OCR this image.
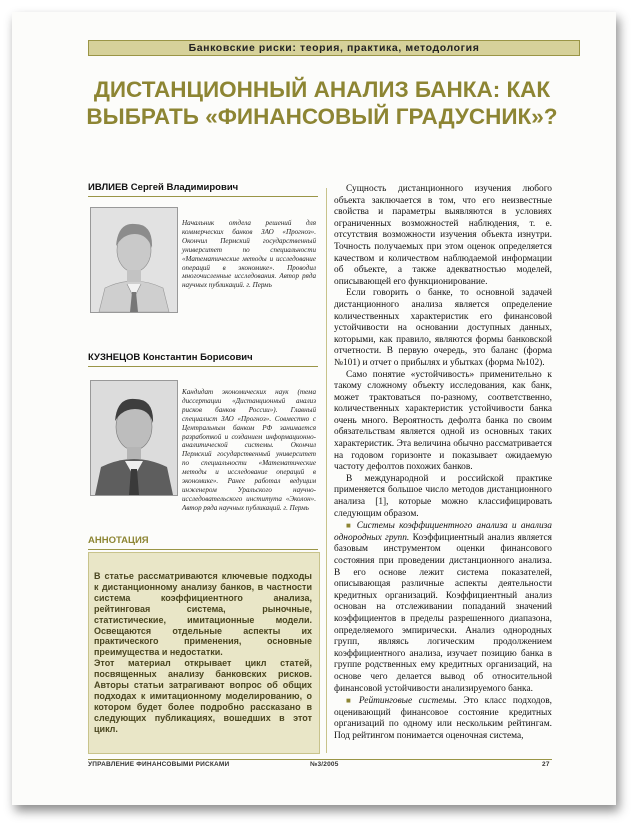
Банковские риски: теория, практика, методология
ДИСТАНЦИОННЫЙ АНАЛИЗ БАНКА: КАК ВЫБРАТЬ «ФИНАНСОВЫЙ ГРАДУСНИК»?
ИВЛИЕВ Сергей Владимирович
Начальник отдела решений для коммерческих банков ЗАО «Прогноз». Окончил Пермский государственный университет по специальности «Математические методы и исследование операций в экономике». Проводил многочисленные исследования. Автор ряда научных публикаций. г. Пермь
КУЗНЕЦОВ Константин Борисович
Кандидат экономических наук (тема диссертации «Дистанционный анализ рисков банков России»). Главный специалист ЗАО «Прогноз». Совместно с Центральным банком РФ занимается разработкой и созданием информационно-аналитической системы. Окончил Пермский государственный университет по специальности «Математические методы и исследование операций в экономике». Ранее работал ведущим инженером Уральского научно-исследовательского института «Эколон». Автор ряда научных публикаций. г. Пермь
АННОТАЦИЯ

В статье рассматриваются ключевые подходы к дистанционному анализу банков, в частности система коэффициентного анализа, рейтинговая система, рыночные, статистические, имитационные модели. Освещаются отдельные аспекты их практического применения, основные преимущества и недостатки.

Этот материал открывает цикл статей, посвященных анализу банковских рисков. Авторы статьи затрагивают вопрос об общих подходах к имитационному моделированию, о котором будет более подробно рассказано в следующих публикациях, вошедших в этот цикл.

Сущность дистанционного изучения любого объекта заключается в том, что его неизвестные свойства и параметры выявляются в условиях ограниченных возможностей наблюдения, т. е. отсутствия возможности изучения объекта изнутри. Точность получаемых при этом оценок определяется качеством и количеством наблюдаемой информации об объекте, а также адекватностью моделей, описывающей его функционирование.

Если говорить о банке, то основной задачей дистанционного анализа является определение количественных характеристик его финансовой устойчивости на основании доступных данных, которыми, как правило, являются формы банковской отчетности. В первую очередь, это баланс (форма №101) и отчет о прибылях и убытках (форма №102).

Само понятие «устойчивость» применительно к такому сложному объекту исследования, как банк, может трактоваться по-разному, соответственно, количественных характеристик устойчивости банка очень много. Вероятность дефолта банка по своим обязательствам является одной из основных таких характеристик. Эта величина обычно рассматривается на годовом горизонте и показывает ожидаемую частоту дефолтов похожих банков.

В международной и российской практике применяется большое число методов дистанционного анализа [1], которые можно классифицировать следующим образом.

■ Системы коэффициентного анализа и анализа однородных групп. Коэффициентный анализ является базовым инструментом оценки финансового состояния при проведении дистанционного анализа. В его основе лежит система показателей, описывающая различные аспекты деятельности кредитных организаций. Коэффициентный анализ основан на отслеживании попаданий значений коэффициентов в пределы разрешенного диапазона, определяемого эмпирически. Анализ однородных групп, являясь логическим продолжением коэффициентного анализа, изучает позицию банка в группе родственных ему кредитных организаций, на основе чего делается вывод об относительной финансовой устойчивости анализируемого банка.

■ Рейтинговые системы. Это класс подходов, оценивающий финансовое состояние кредитных организаций по одному или нескольким рейтингам. Под рейтингом понимается оценочная система,

УПРАВЛЕНИЕ ФИНАНСОВЫМИ РИСКАМИ	№3/2005	27
